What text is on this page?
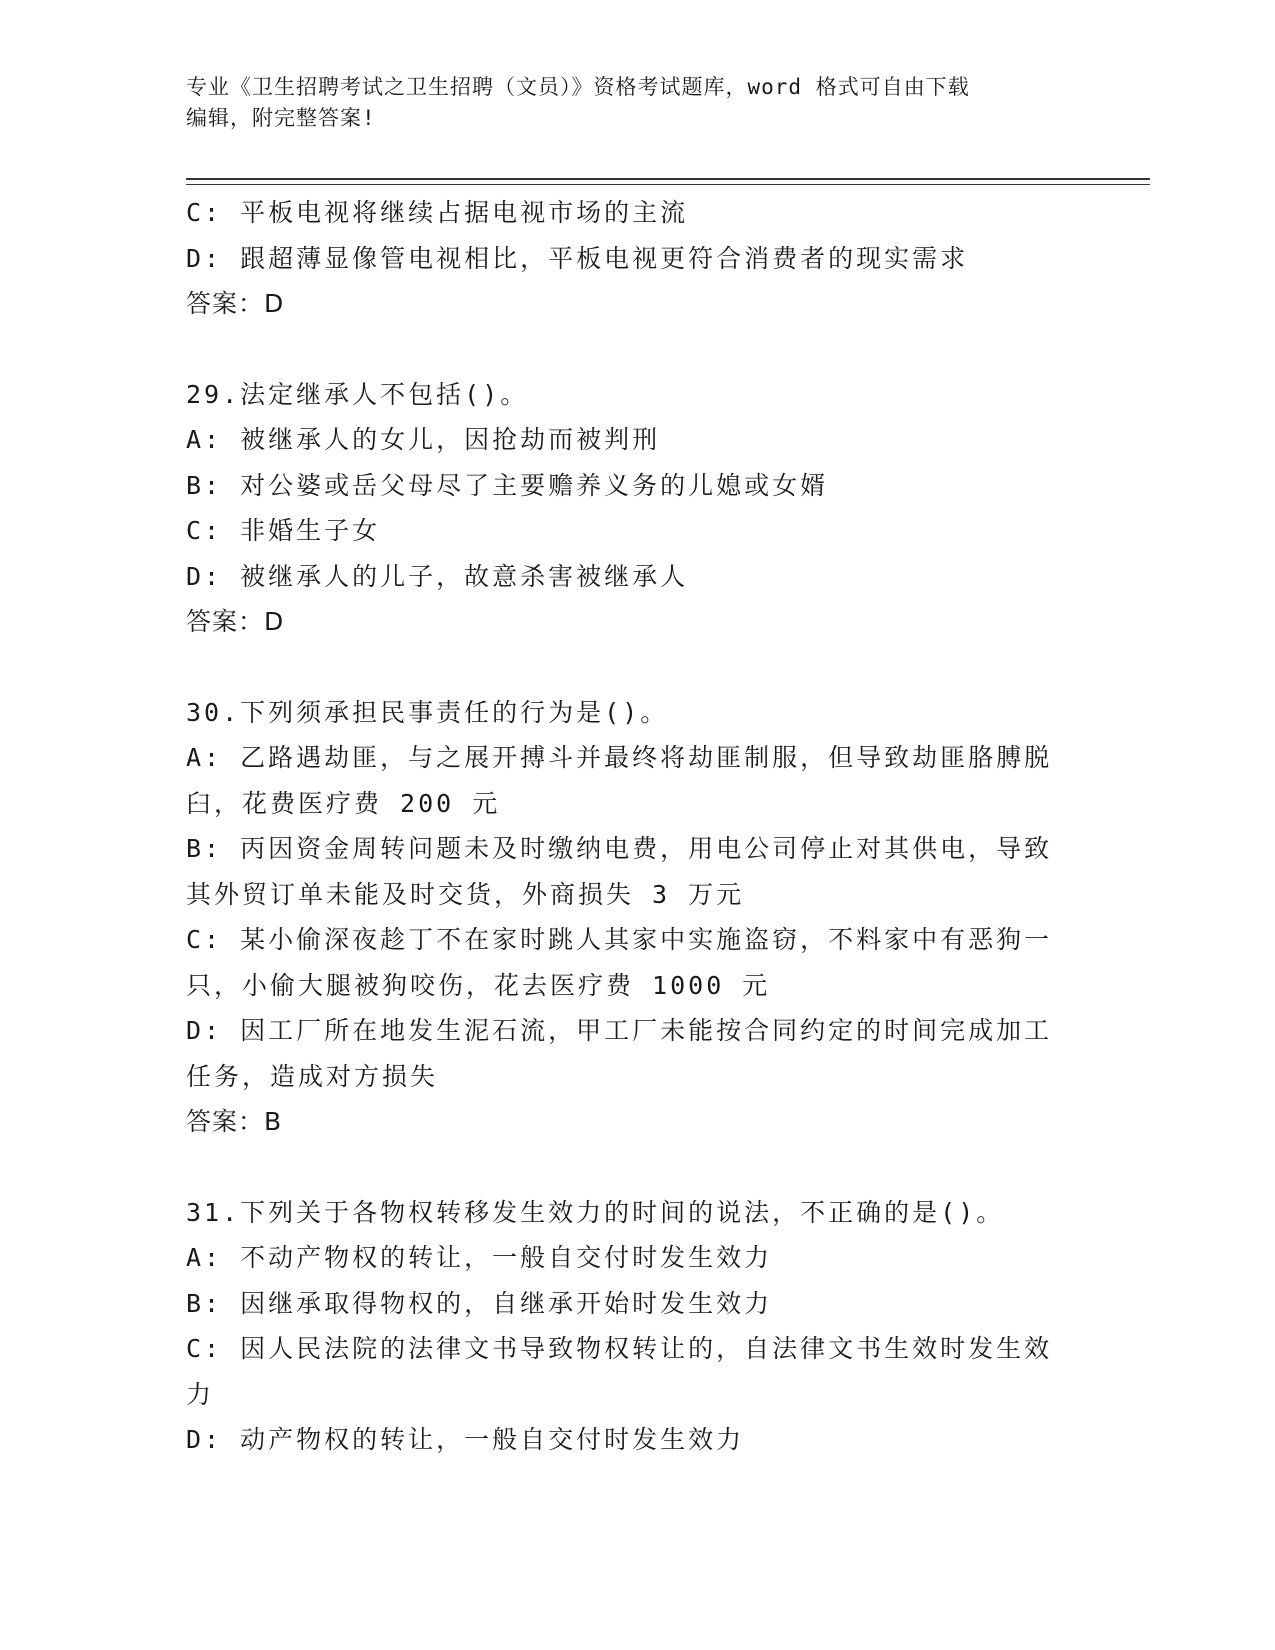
专业《卫生招聘考试之卫生招聘（文员）》资格考试题库，word 格式可自由下载
编辑，附完整答案!
C: 平板电视将继续占据电视市场的主流
D: 跟超薄显像管电视相比，平板电视更符合消费者的现实需求
答案：D
29.法定继承人不包括()。
A: 被继承人的女儿，因抢劫而被判刑
B: 对公婆或岳父母尽了主要赡养义务的儿媳或女婿
C: 非婚生子女
D: 被继承人的儿子，故意杀害被继承人
答案：D
30.下列须承担民事责任的行为是()。
A: 乙路遇劫匪，与之展开搏斗并最终将劫匪制服，但导致劫匪胳膊脱臼，花费医疗费 200 元
B: 丙因资金周转问题未及时缴纳电费，用电公司停止对其供电，导致其外贸订单未能及时交货，外商损失 3 万元
C: 某小偷深夜趁丁不在家时跳人其家中实施盗窃，不料家中有恶狗一只，小偷大腿被狗咬伤，花去医疗费 1000 元
D: 因工厂所在地发生泥石流，甲工厂未能按合同约定的时间完成加工任务，造成对方损失
答案：B
31.下列关于各物权转移发生效力的时间的说法，不正确的是()。
A: 不动产物权的转让，一般自交付时发生效力
B: 因继承取得物权的，自继承开始时发生效力
C: 因人民法院的法律文书导致物权转让的，自法律文书生效时发生效力
D: 动产物权的转让，一般自交付时发生效力
